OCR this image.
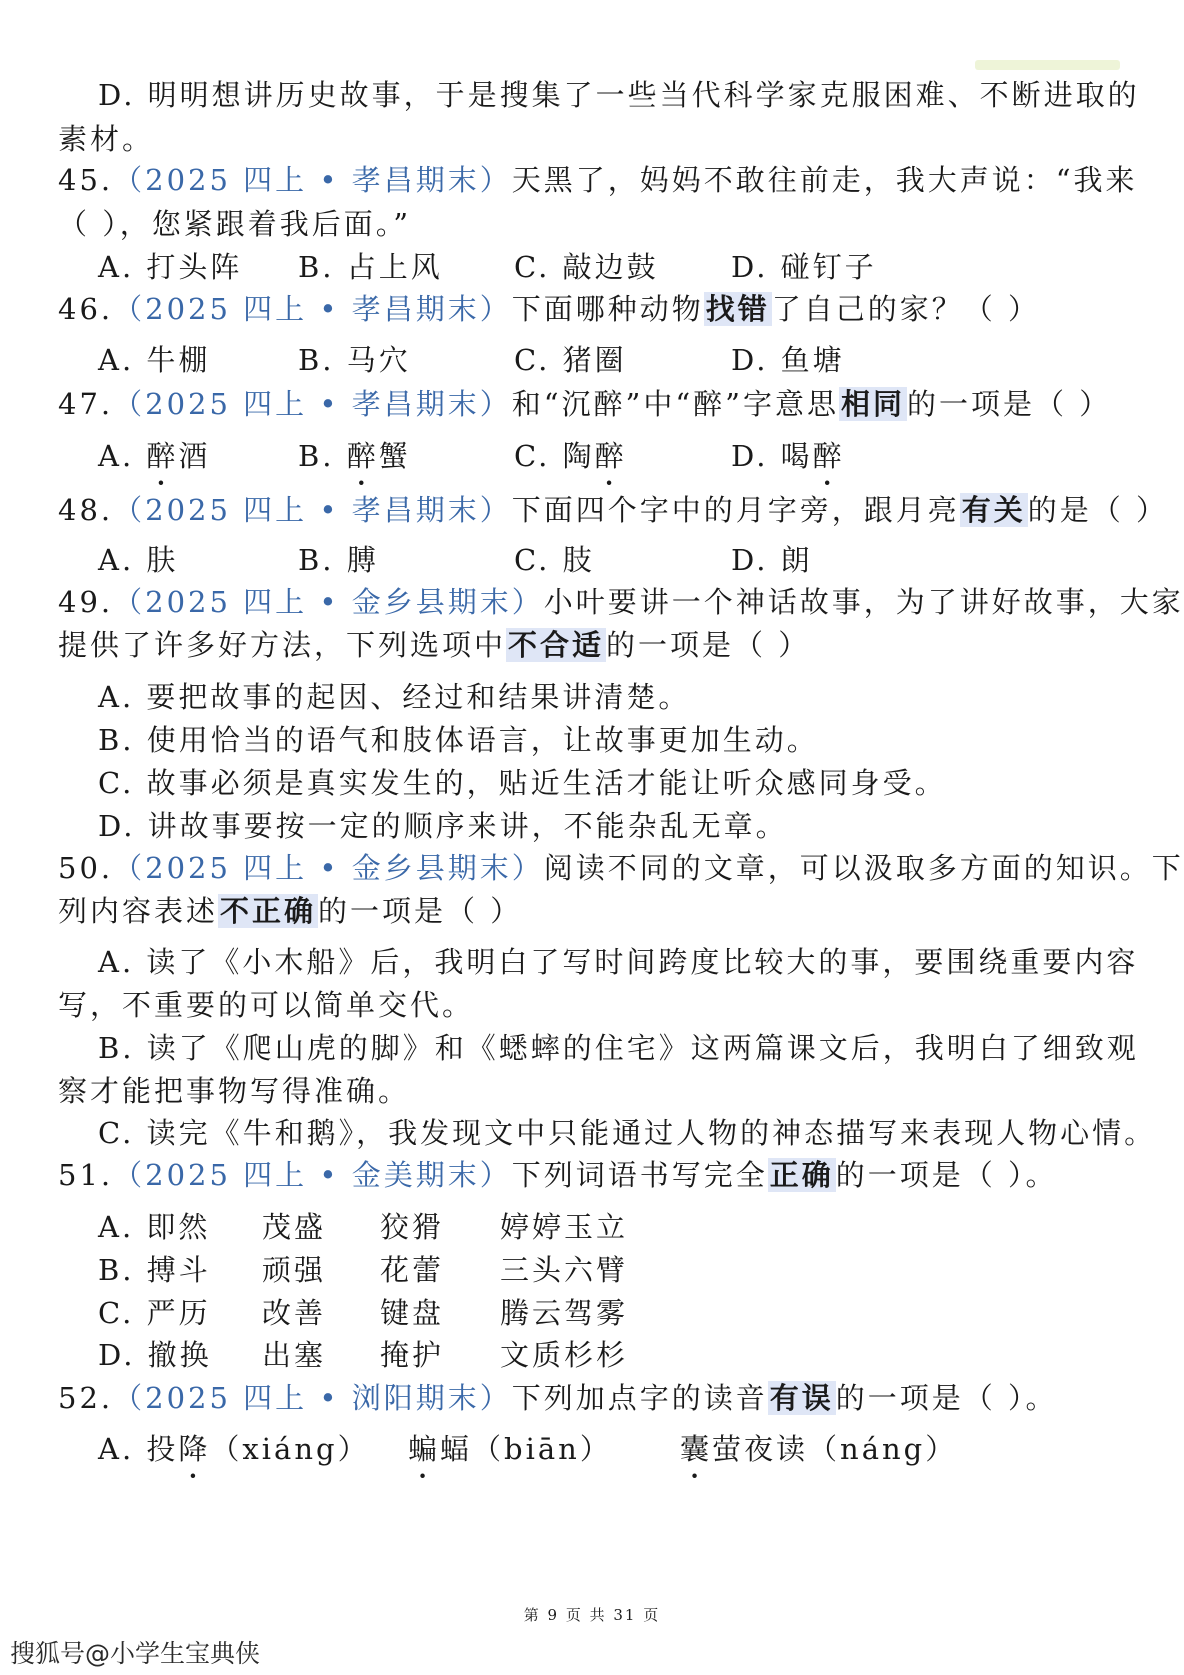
D. 明明想讲历史故事，于是搜集了一些当代科学家克服困难、不断进取的
素材。
45.（2025 四上 • 孝昌期末）天黑了，妈妈不敢往前走，我大声说：“我来
（ ），您紧跟着我后面。”
A. 打头阵 B. 占上风 C. 敲边鼓 D. 碰钉子
46.（2025 四上 • 孝昌期末）下面哪种动物找错了自己的家？（ ）
A. 牛棚	B. 马穴	C. 猪圈	D. 鱼塘
47.（2025 四上 • 孝昌期末）和“沉醉”中“醉”字意思相同的一项是（ ）
A. 醉酒	B. 醉蟹	C. 陶醉	D. 喝醉
48.（2025 四上 • 孝昌期末）下面四个字中的月字旁，跟月亮有关的是（ ）
A. 肤	B. 膊	C. 肢	D. 朗
49.（2025 四上 • 金乡县期末）小叶要讲一个神话故事，为了讲好故事，大家
提供了许多好方法，下列选项中不合适的一项是（ ）
A. 要把故事的起因、经过和结果讲清楚。
B. 使用恰当的语气和肢体语言，让故事更加生动。
C. 故事必须是真实发生的，贴近生活才能让听众感同身受。
D. 讲故事要按一定的顺序来讲，不能杂乱无章。
50.（2025 四上 • 金乡县期末）阅读不同的文章，可以汲取多方面的知识。下
列内容表述不正确的一项是（ ）
A. 读了《小木船》后，我明白了写时间跨度比较大的事，要围绕重要内容
写，不重要的可以简单交代。
B. 读了《爬山虎的脚》和《蟋蟀的住宅》这两篇课文后，我明白了细致观
察才能把事物写得准确。
C. 读完《牛和鹅》，我发现文中只能通过人物的神态描写来表现人物心情。
51.（2025 四上 • 金美期末）下列词语书写完全正确的一项是（ ）。
A. 即然 茂盛 狡猾 婷婷玉立
B. 搏斗 顽强 花蕾 三头六臂
C. 严历 改善 键盘 腾云驾雾
D. 撤换 出塞 掩护 文质杉杉
52.（2025 四上 • 浏阳期末）下列加点字的读音有误的一项是（ ）。
A. 投降（xiáng） 蝙蝠（biān） 囊萤夜读（náng）
第 9 页 共 31 页
搜狐号@小学生宝典侠
